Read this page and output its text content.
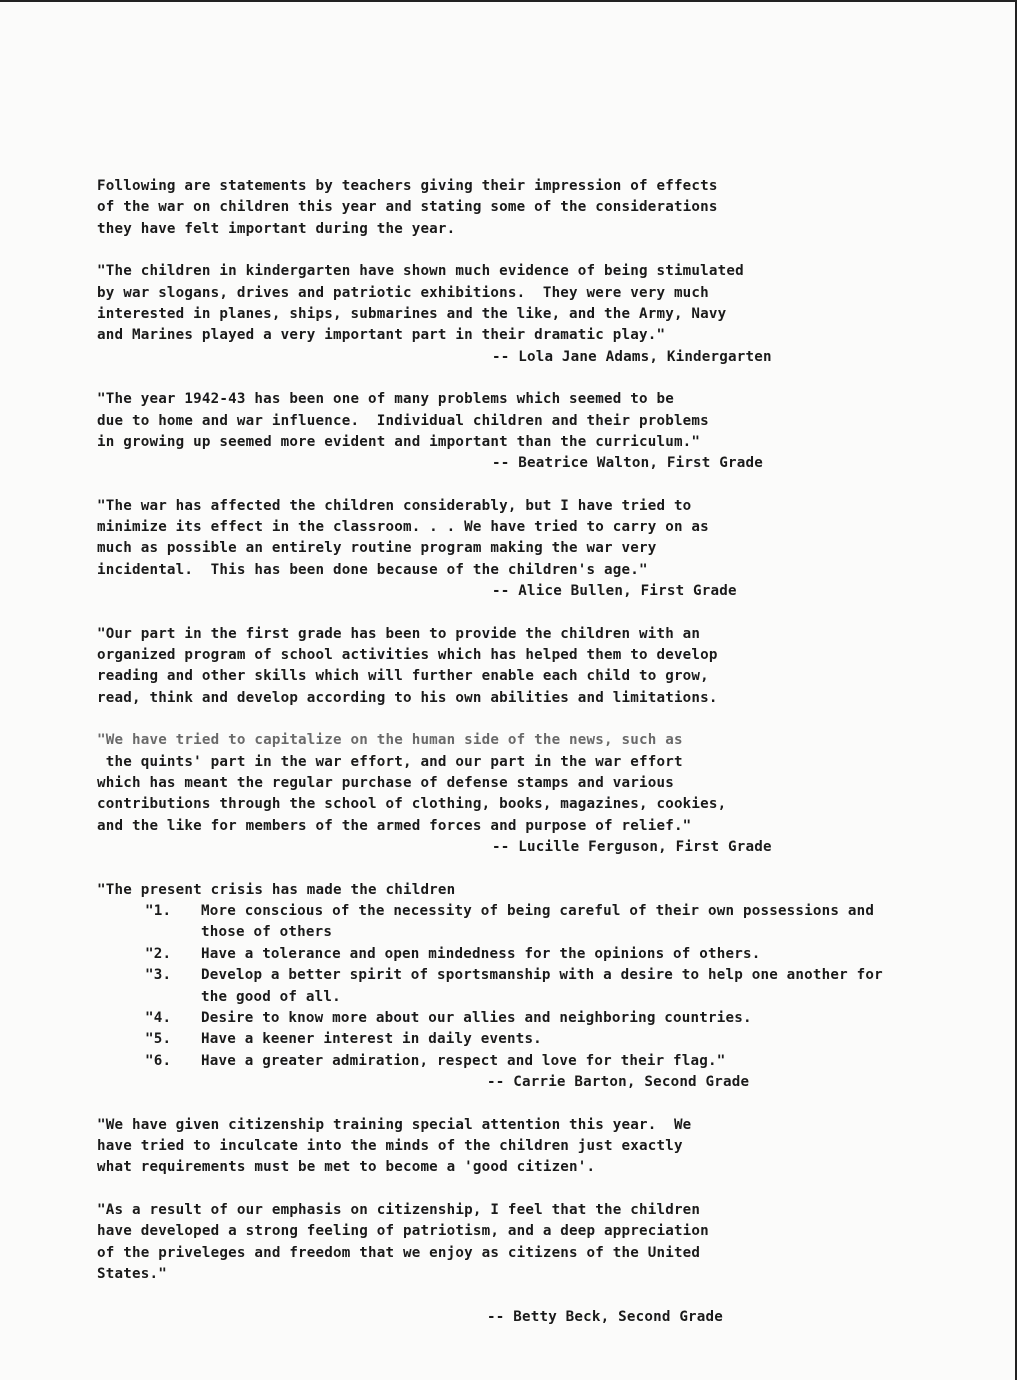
Following are statements by teachers giving their impression of effects
of the war on children this year and stating some of the considerations
they have felt important during the year.
"The children in kindergarten have shown much evidence of being stimulated
by war slogans, drives and patriotic exhibitions.  They were very much
interested in planes, ships, submarines and the like, and the Army, Navy
and Marines played a very important part in their dramatic play."
-- Lola Jane Adams, Kindergarten
"The year 1942-43 has been one of many problems which seemed to be
due to home and war influence.  Individual children and their problems
in growing up seemed more evident and important than the curriculum."
-- Beatrice Walton, First Grade
"The war has affected the children considerably, but I have tried to
minimize its effect in the classroom. . . We have tried to carry on as
much as possible an entirely routine program making the war very
incidental.  This has been done because of the children's age."
-- Alice Bullen, First Grade
"Our part in the first grade has been to provide the children with an
organized program of school activities which has helped them to develop
reading and other skills which will further enable each child to grow,
read, think and develop according to his own abilities and limitations.
"We have tried to capitalize on the human side of the news, such as
the quints' part in the war effort, and our part in the war effort
which has meant the regular purchase of defense stamps and various
contributions through the school of clothing, books, magazines, cookies,
and the like for members of the armed forces and purpose of relief."
-- Lucille Ferguson, First Grade
"The present crisis has made the children
"1.	More conscious of the necessity of being careful of their own possessions and those of others
"2.	Have a tolerance and open mindedness for the opinions of others.
"3.	Develop a better spirit of sportsmanship with a desire to help one another for the good of all.
"4.	Desire to know more about our allies and neighboring countries.
"5.	Have a keener interest in daily events.
"6.	Have a greater admiration, respect and love for their flag."
-- Carrie Barton, Second Grade
"We have given citizenship training special attention this year.  We
have tried to inculcate into the minds of the children just exactly
what requirements must be met to become a 'good citizen'.
"As a result of our emphasis on citizenship, I feel that the children
have developed a strong feeling of patriotism, and a deep appreciation
of the priveleges and freedom that we enjoy as citizens of the United
States."
-- Betty Beck, Second Grade
